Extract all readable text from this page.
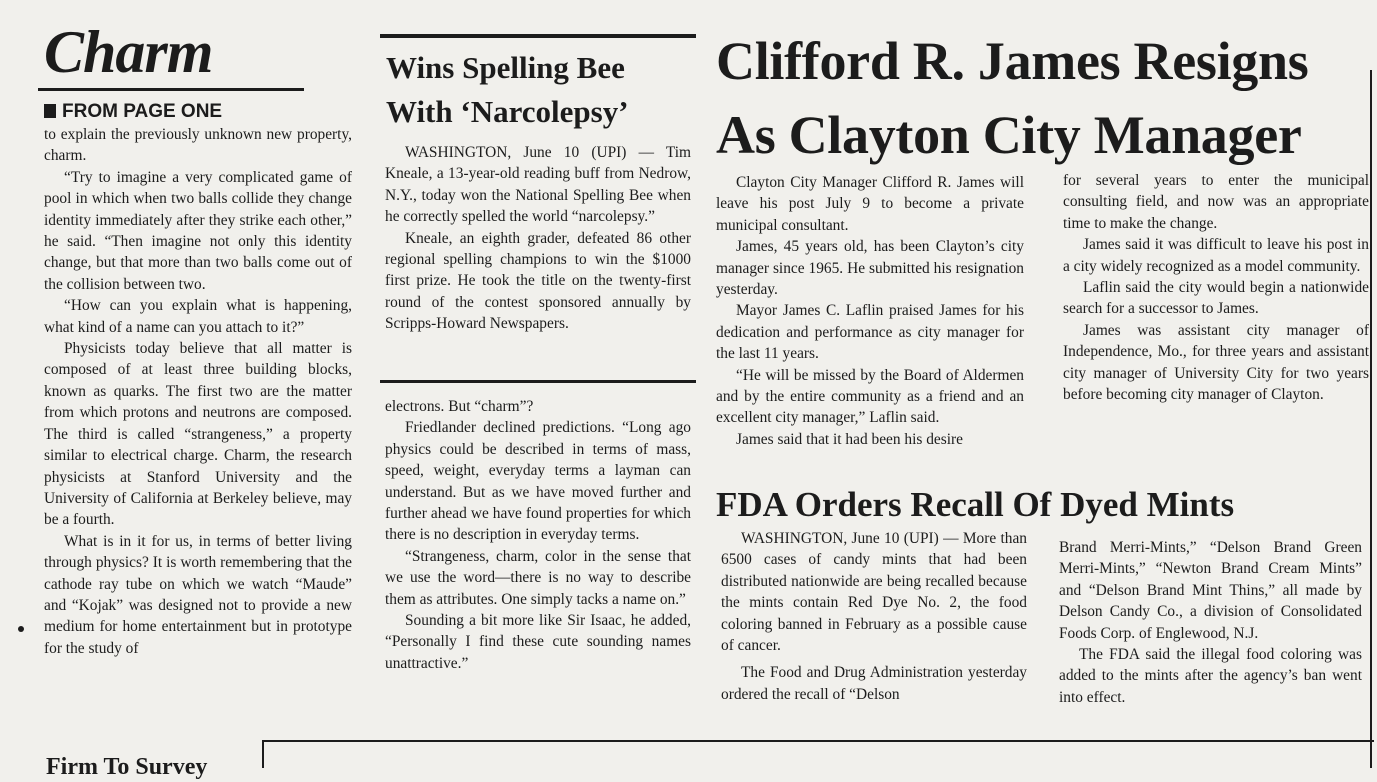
Charm
FROM PAGE ONE
Wins Spelling Bee
With ‘Narcolepsy’
Clifford R. James Resigns
As Clayton City Manager
FDA Orders Recall Of Dyed Mints
Firm To Survey

to explain the previously unknown new property, charm.

“Try to imagine a very complicated game of pool in which when two balls collide they change identity immediately after they strike each other,” he said. “Then imagine not only this identity change, but that more than two balls come out of the collision between two.

“How can you explain what is happening, what kind of a name can you attach to it?”

Physicists today believe that all matter is composed of at least three building blocks, known as quarks. The first two are the matter from which protons and neutrons are composed. The third is called “strangeness,” a property similar to electrical charge. Charm, the research physicists at Stanford University and the University of California at Berkeley believe, may be a fourth.

What is in it for us, in terms of better living through physics? It is worth remembering that the cathode ray tube on which we watch “Maude” and “Kojak” was designed not to provide a new medium for home entertainment but in prototype for the study of

WASHINGTON, June 10 (UPI) — Tim Kneale, a 13-year-old reading buff from Nedrow, N.Y., today won the National Spelling Bee when he correctly spelled the world “narcolepsy.”

Kneale, an eighth grader, defeated 86 other regional spelling champions to win the $1000 first prize. He took the title on the twenty-first round of the contest sponsored annually by Scripps-Howard Newspapers.

electrons. But “charm”?

Friedlander declined predictions. “Long ago physics could be described in terms of mass, speed, weight, everyday terms a layman can understand. But as we have moved further and further ahead we have found properties for which there is no description in everyday terms.

“Strangeness, charm, color in the sense that we use the word—there is no way to describe them as attributes. One simply tacks a name on.”

Sounding a bit more like Sir Isaac, he added, “Personally I find these cute sounding names unattractive.”

Clayton City Manager Clifford R. James will leave his post July 9 to become a private municipal consultant.

James, 45 years old, has been Clayton’s city manager since 1965. He submitted his resignation yesterday.

Mayor James C. Laflin praised James for his dedication and performance as city manager for the last 11 years.

“He will be missed by the Board of Aldermen and by the entire community as a friend and an excellent city manager,” Laflin said.

James said that it had been his desire

for several years to enter the municipal consulting field, and now was an appropriate time to make the change.

James said it was difficult to leave his post in a city widely recognized as a model community.

Laflin said the city would begin a nationwide search for a successor to James.

James was assistant city manager of Independence, Mo., for three years and assistant city manager of University City for two years before becoming city manager of Clayton.

WASHINGTON, June 10 (UPI) — More than 6500 cases of candy mints that had been distributed nationwide are being recalled because the mints contain Red Dye No. 2, the food coloring banned in February as a possible cause of cancer.

The Food and Drug Administration yesterday ordered the recall of “Delson

Brand Merri-Mints,” “Delson Brand Green Merri-Mints,” “Newton Brand Cream Mints” and “Delson Brand Mint Thins,” all made by Delson Candy Co., a division of Consolidated Foods Corp. of Englewood, N.J.

The FDA said the illegal food coloring was added to the mints after the agency’s ban went into effect.
